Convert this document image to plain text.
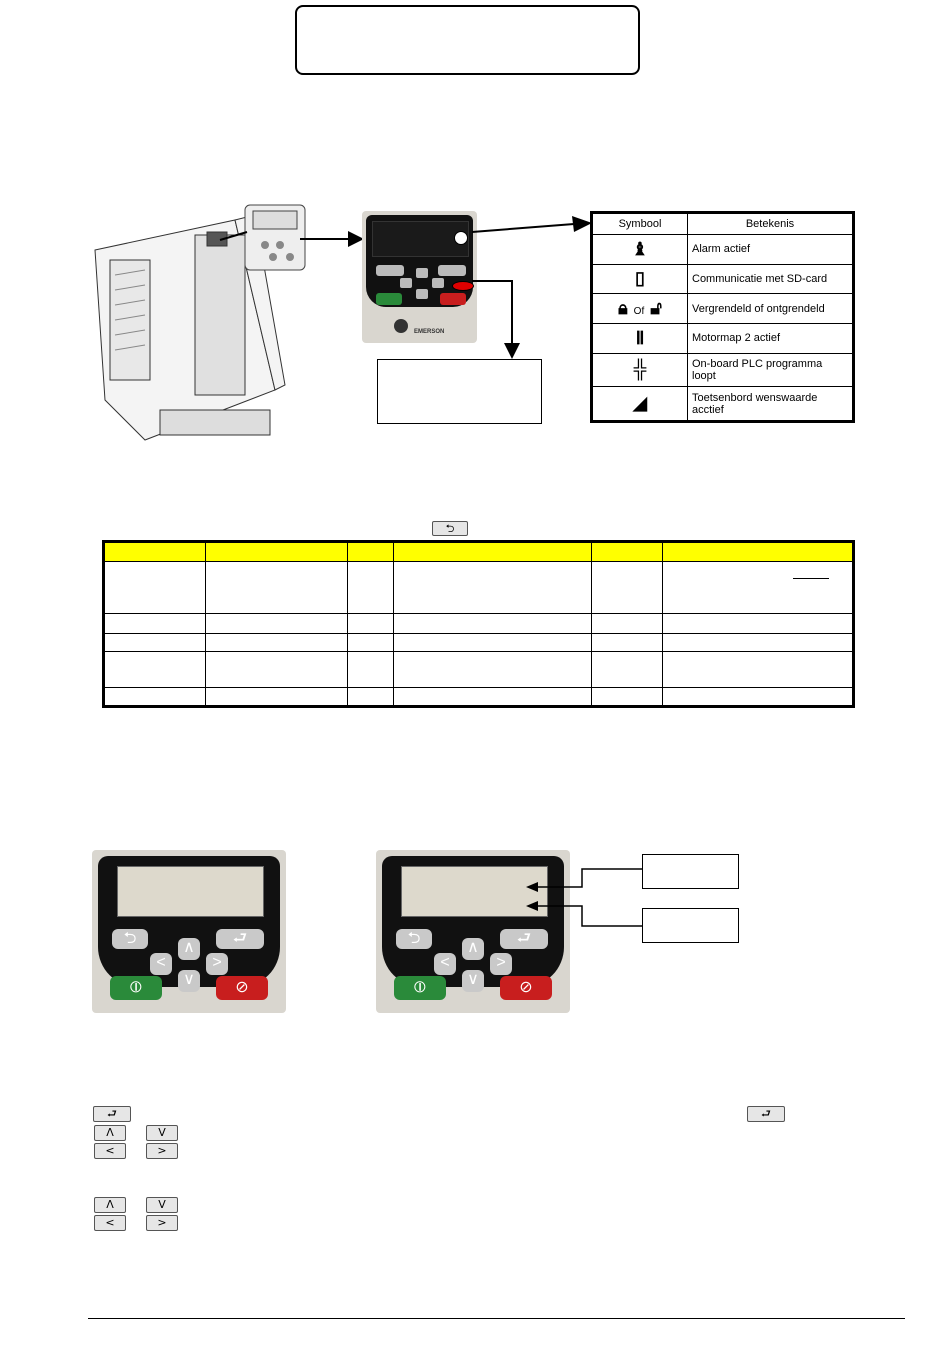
EMERSON
Symbool	Betekenis
♝	Alarm actief
▯	Communicatie met SD-card
🔒︎ Of 🔓︎	Vergrendeld of ontgrendeld
Ⅱ	Motormap 2 actief
╬	On-board PLC programma loopt
◢	Toetsenbord wenswaarde acctief
⮌

⮌	⮐
∧
<	>
∨
⦶	⊘
⮌	⮐
∧
<	>
∨
⦶	⊘
⮐	⮐
Λ	V
<	>
Λ	V
<	>
